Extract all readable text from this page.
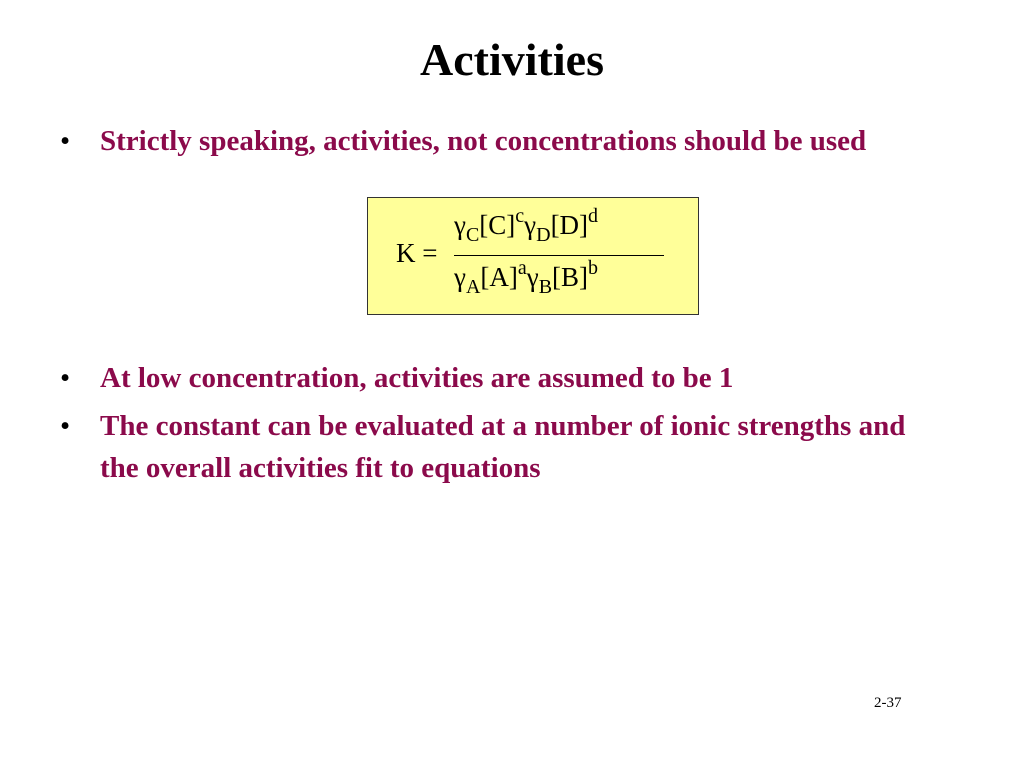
Activities
• Strictly speaking, activities, not concentrations should be used
K =
$\gamma_C[C]^c\gamma_D[D]^d$
$\gamma_A[A]^a\gamma_B[B]^b$
• At low concentration, activities are assumed to be 1
• The constant can be evaluated at a number of ionic strengths and the overall activities fit to equations
2-37
